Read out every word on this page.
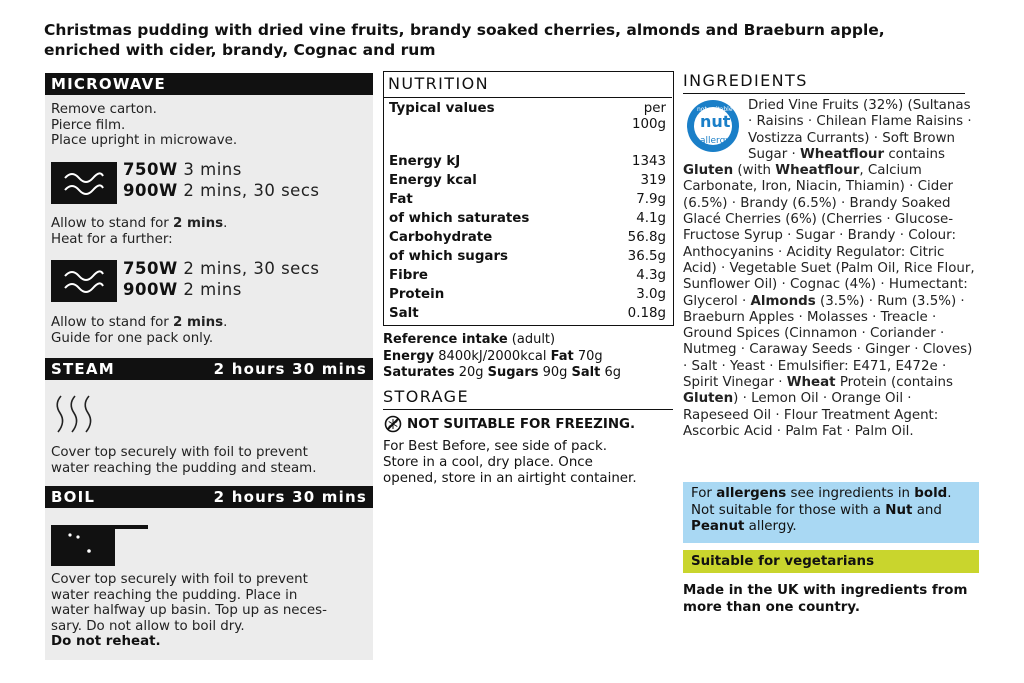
Christmas pudding with dried vine fruits, brandy soaked cherries, almonds and Braeburn apple,
enriched with cider, brandy, Cognac and rum
MICROWAVE
Remove carton.
Pierce film.
Place upright in microwave.
750W 3 mins
900W 2 mins, 30 secs
Allow to stand for 2 mins.
Heat for a further:
750W 2 mins, 30 secs
900W 2 mins
Allow to stand for 2 mins.
Guide for one pack only.
STEAM	2 hours 30 mins
Cover top securely with foil to prevent
water reaching the pudding and steam.
BOIL	2 hours 30 mins
Cover top securely with foil to prevent
water reaching the pudding. Place in
water halfway up basin. Top up as neces-
sary. Do not allow to boil dry.
Do not reheat.
NUTRITION
Typical values	per
100g
Energy kJ	1343
Energy kcal	319
Fat	7.9g
of which saturates	4.1g
Carbohydrate	56.8g
of which sugars	36.5g
Fibre	4.3g
Protein	3.0g
Salt	0.18g
Reference intake (adult)
Energy 8400kJ/2000kcal Fat 70g
Saturates 20g Sugars 90g Salt 6g
STORAGE
NOT SUITABLE FOR FREEZING.
For Best Before, see side of pack.
Store in a cool, dry place. Once
opened, store in an airtight container.
INGREDIENTS
not suitable for
nut
allergy
Dried Vine Fruits (32%) (Sultanas · Raisins · Chilean Flame Raisins · Vostizza Currants) · Soft Brown Sugar · Wheatflour contains Gluten (with Wheatflour, Calcium Carbonate, Iron, Niacin, Thiamin) · Cider (6.5%) · Brandy (6.5%) · Brandy Soaked Glacé Cherries (6%) (Cherries · Glucose-Fructose Syrup · Sugar · Brandy · Colour: Anthocyanins · Acidity Regulator: Citric Acid) · Vegetable Suet (Palm Oil, Rice Flour, Sunflower Oil) · Cognac (4%) · Humectant: Glycerol · Almonds (3.5%) · Rum (3.5%) · Braeburn Apples · Molasses · Treacle · Ground Spices (Cinnamon · Coriander · Nutmeg · Caraway Seeds · Ginger · Cloves) · Salt · Yeast · Emulsifier: E471, E472e · Spirit Vinegar · Wheat Protein (contains Gluten) · Lemon Oil · Orange Oil · Rapeseed Oil · Flour Treatment Agent: Ascorbic Acid · Palm Fat · Palm Oil.

For allergens see ingredients in bold. Not suitable for those with a Nut and Peanut allergy.

Suitable for vegetarians
Made in the UK with ingredients from more than one country.
